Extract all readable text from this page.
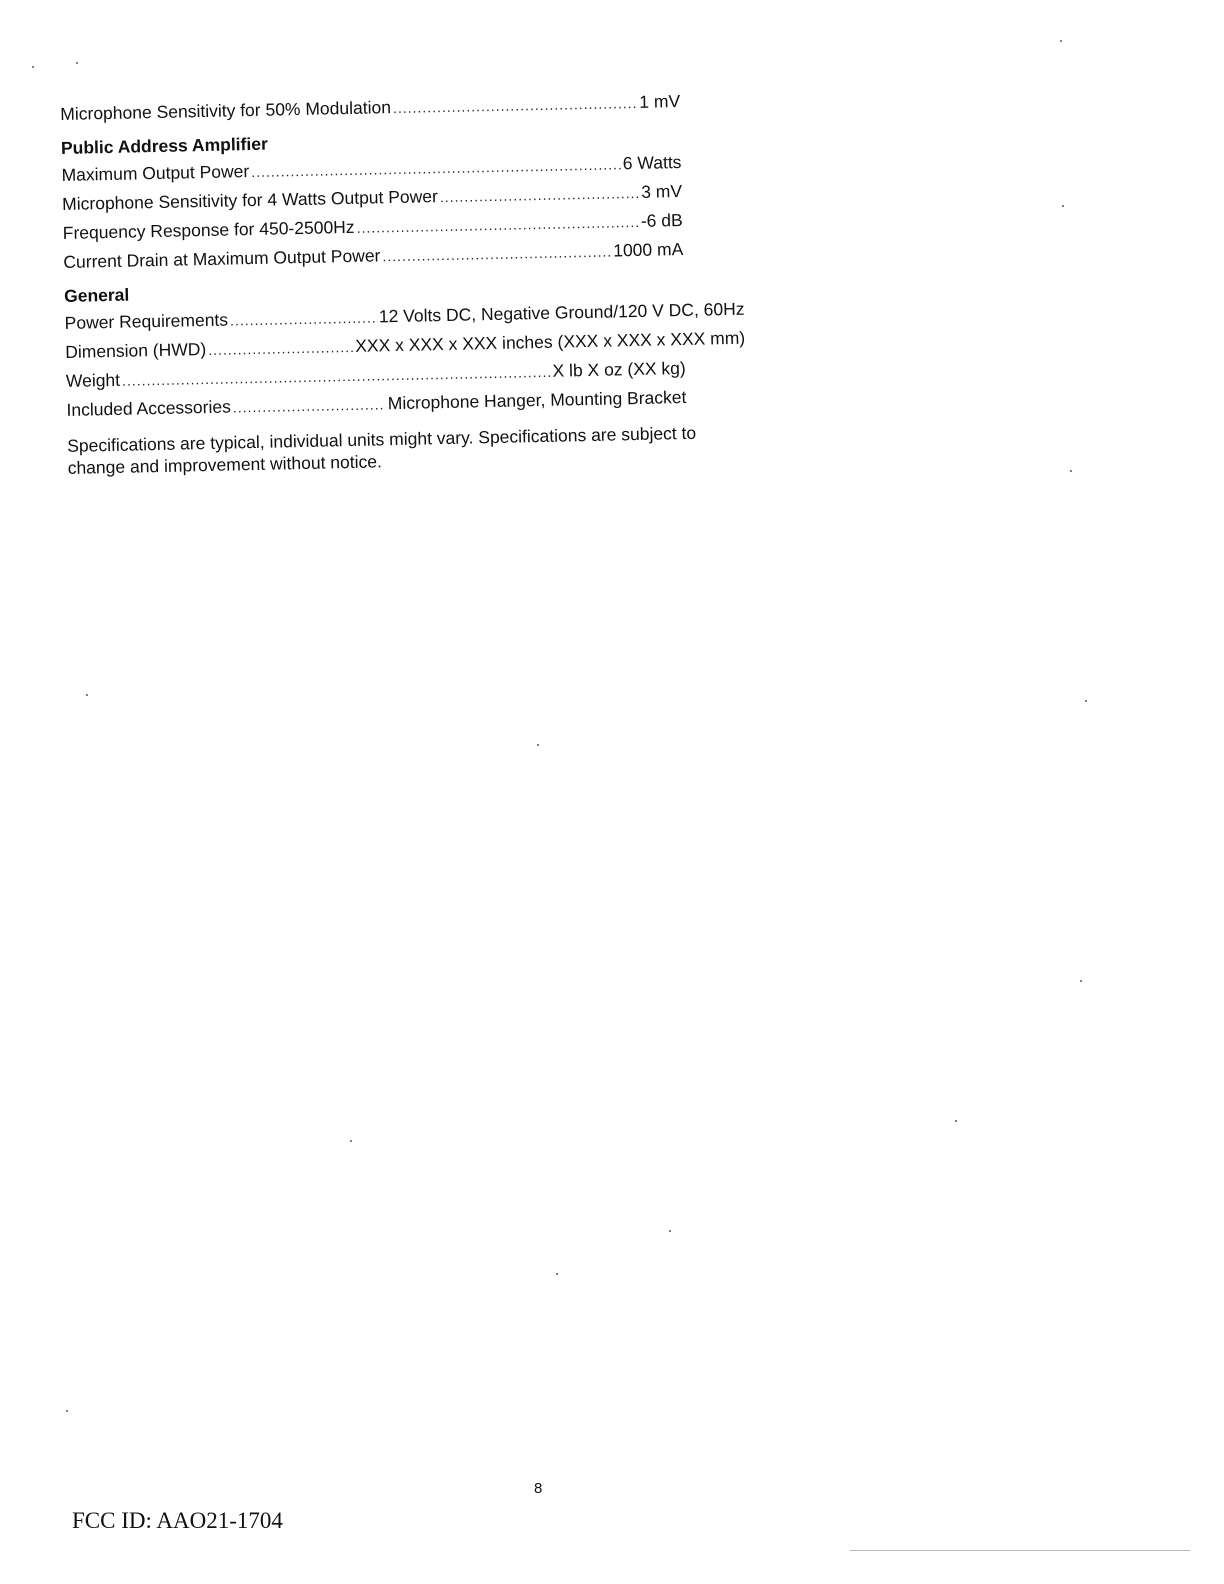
Microphone Sensitivity for 50% Modulation .....	1 mV
Public Address Amplifier
Maximum Output Power .....	6 Watts
Microphone Sensitivity for 4 Watts Output Power .....	3 mV
Frequency Response for 450-2500Hz .....	-6 dB
Current Drain at Maximum Output Power .....	1000 mA
General
Power Requirements .....	12 Volts DC, Negative Ground/120 V DC, 60Hz
Dimension (HWD) .....	XXX x XXX x XXX inches (XXX x XXX x XXX mm)
Weight .....	X lb X oz (XX kg)
Included Accessories .....	Microphone Hanger, Mounting Bracket
Specifications are typical, individual units might vary. Specifications are subject to change and improvement without notice.
8
FCC ID: AAO21-1704
